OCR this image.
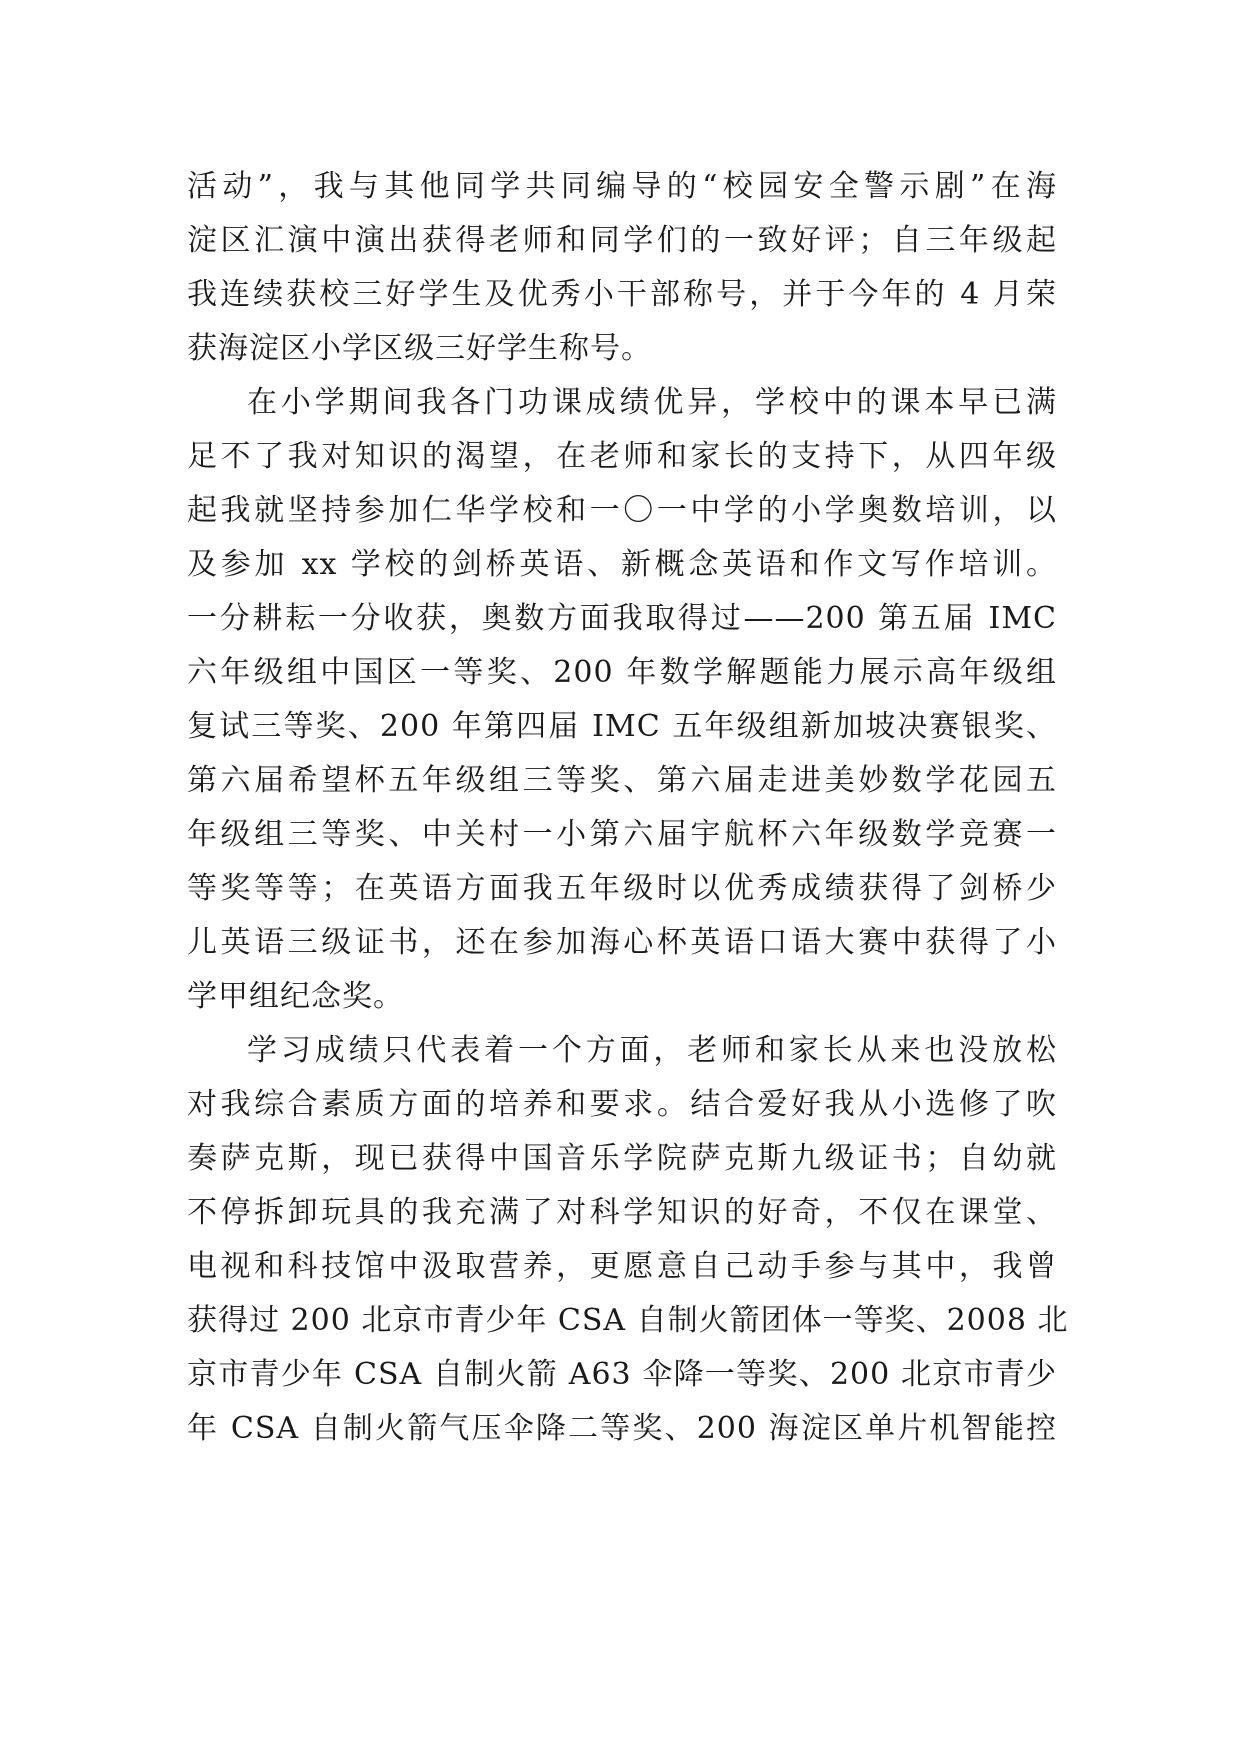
活动”，我与其他同学共同编导的“校园安全警示剧”在海
淀区汇演中演出获得老师和同学们的一致好评；自三年级起
我连续获校三好学生及优秀小干部称号，并于今年的 4 月荣
获海淀区小学区级三好学生称号。
在小学期间我各门功课成绩优异，学校中的课本早已满
足不了我对知识的渴望，在老师和家长的支持下，从四年级
起我就坚持参加仁华学校和一〇一中学的小学奥数培训，以
及参加 xx 学校的剑桥英语、新概念英语和作文写作培训。
一分耕耘一分收获，奥数方面我取得过——200 第五届 IMC
六年级组中国区一等奖、200 年数学解题能力展示高年级组
复试三等奖、200 年第四届 IMC 五年级组新加坡决赛银奖、
第六届希望杯五年级组三等奖、第六届走进美妙数学花园五
年级组三等奖、中关村一小第六届宇航杯六年级数学竞赛一
等奖等等；在英语方面我五年级时以优秀成绩获得了剑桥少
儿英语三级证书，还在参加海心杯英语口语大赛中获得了小
学甲组纪念奖。
学习成绩只代表着一个方面，老师和家长从来也没放松
对我综合素质方面的培养和要求。结合爱好我从小选修了吹
奏萨克斯，现已获得中国音乐学院萨克斯九级证书；自幼就
不停拆卸玩具的我充满了对科学知识的好奇，不仅在课堂、
电视和科技馆中汲取营养，更愿意自己动手参与其中，我曾
获得过 200 北京市青少年 CSA 自制火箭团体一等奖、2008 北
京市青少年 CSA 自制火箭 A63 伞降一等奖、200 北京市青少
年 CSA 自制火箭气压伞降二等奖、200 海淀区单片机智能控
